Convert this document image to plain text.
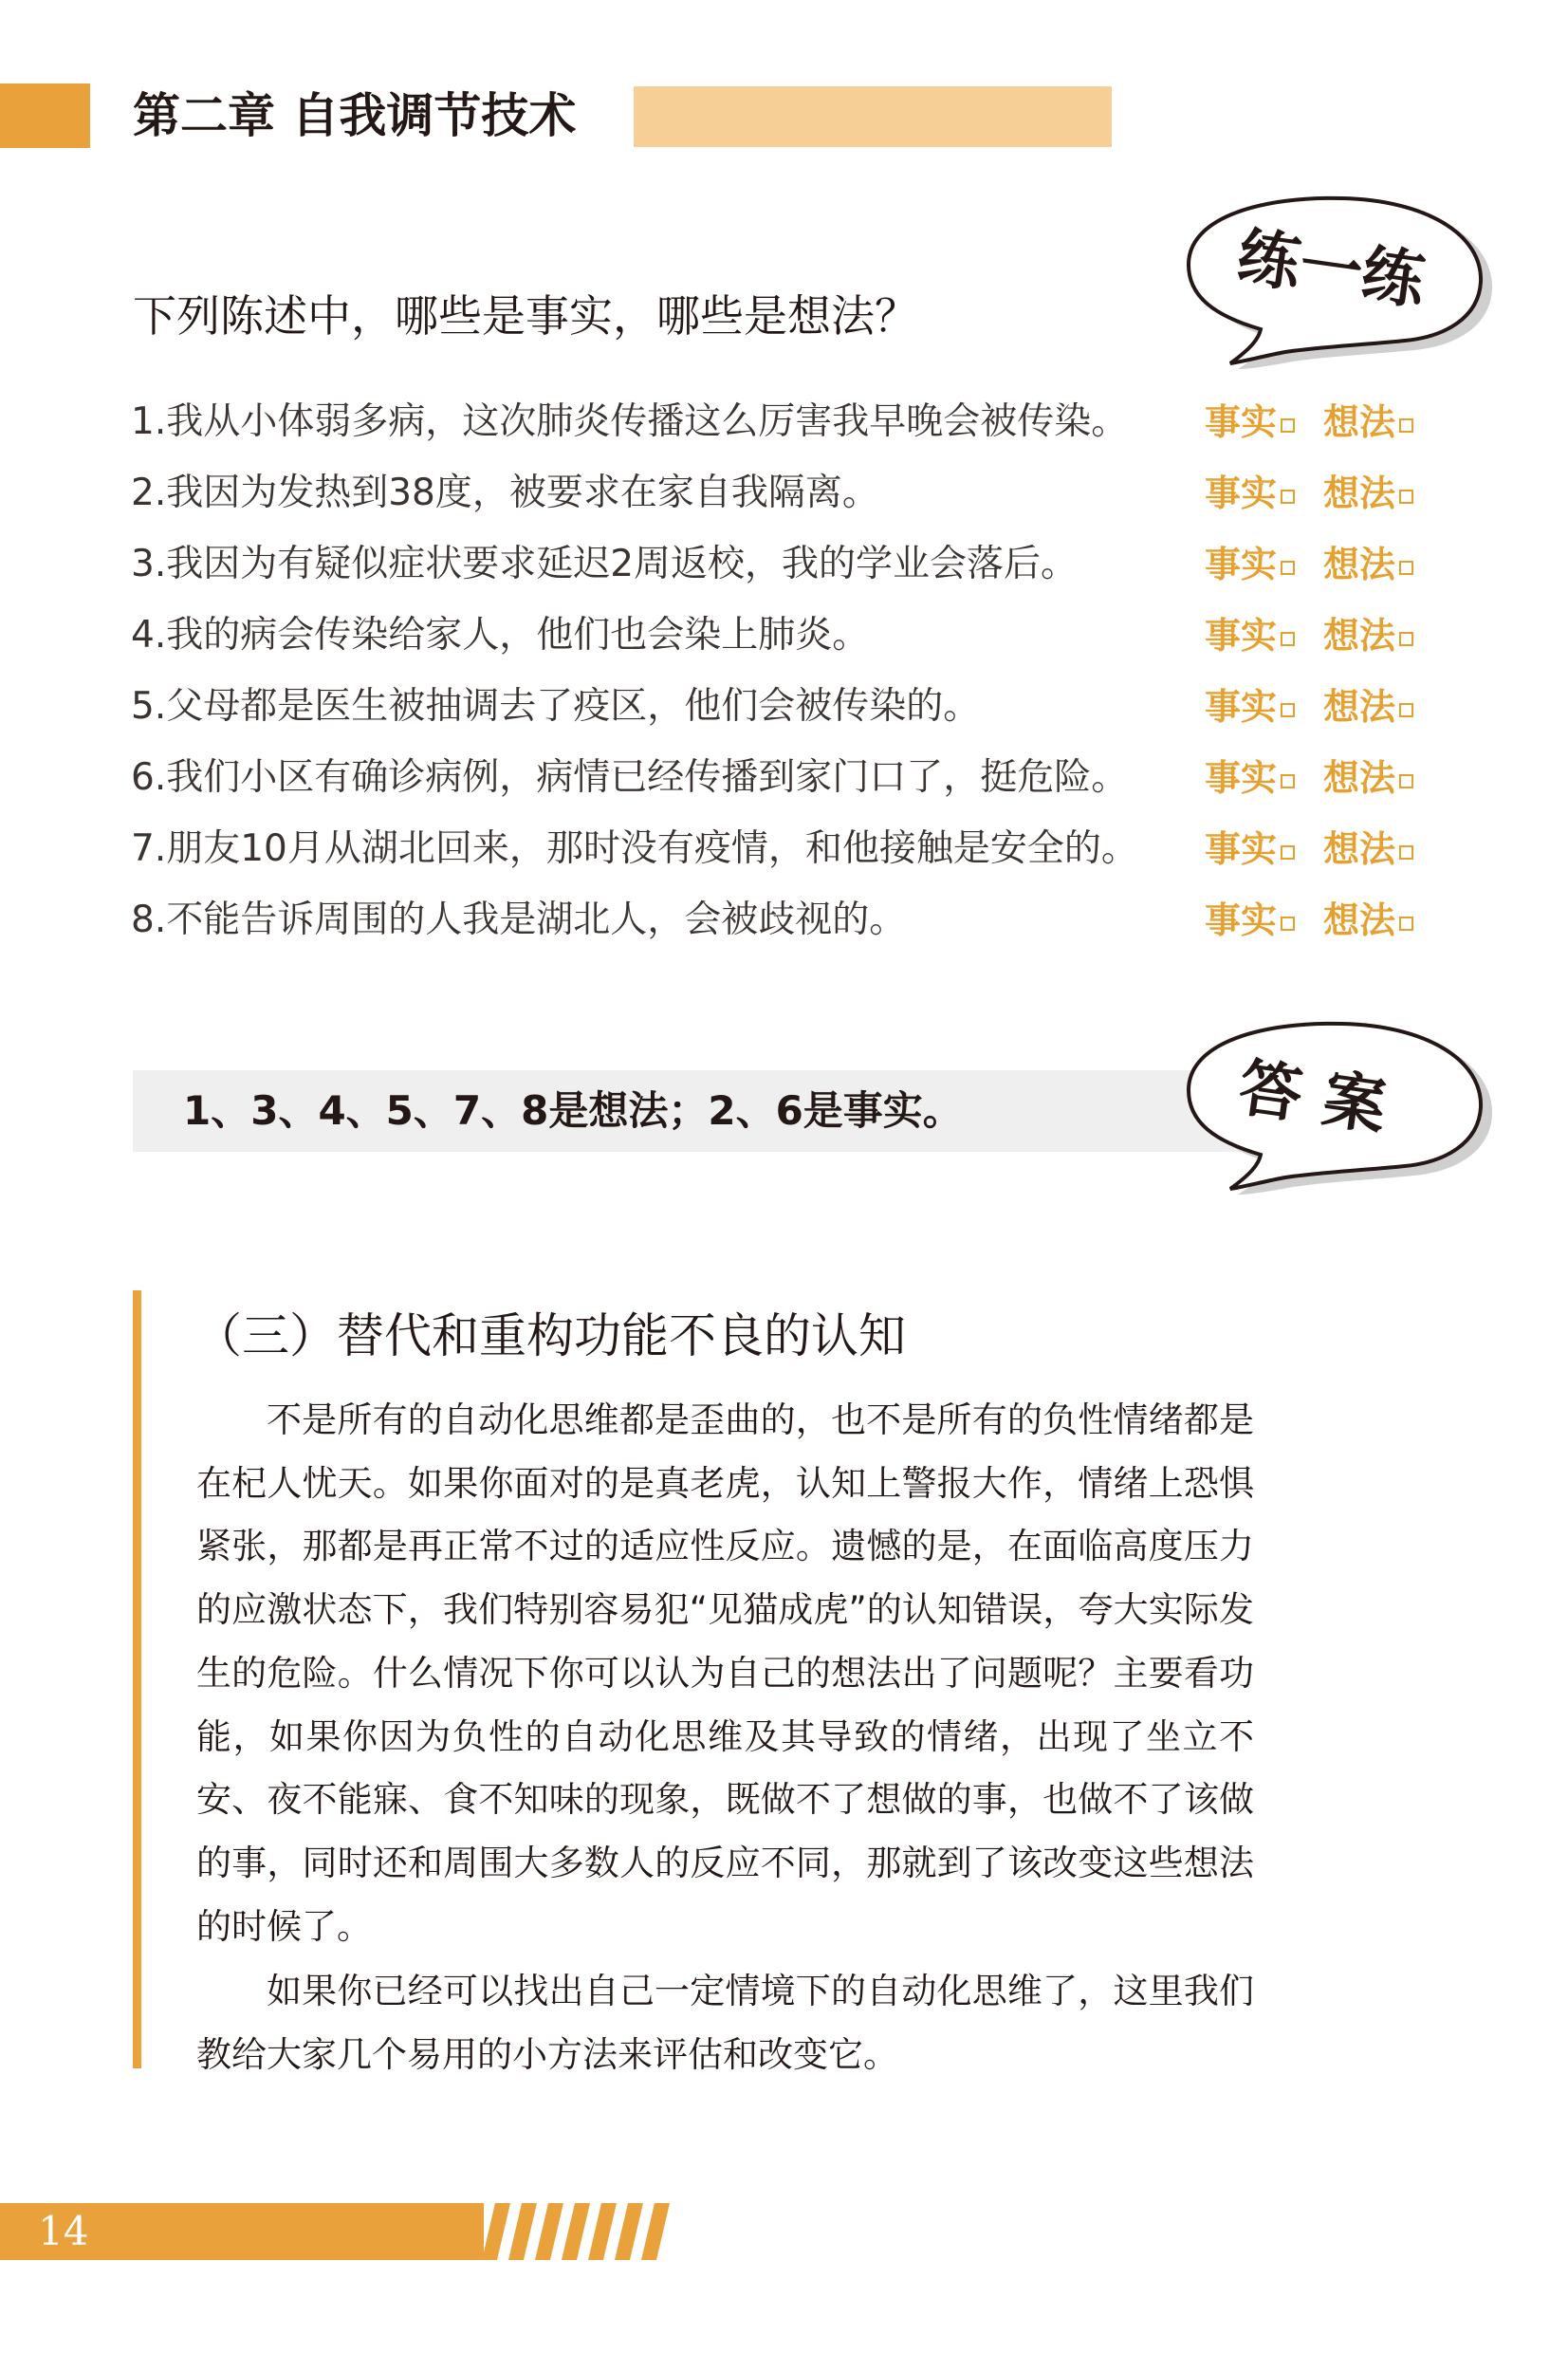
第二章 自我调节技术
练一练
下列陈述中，哪些是事实，哪些是想法？
1.我从小体弱多病，这次肺炎传播这么厉害我早晚会被传染。 事实 想法
2.我因为发热到38度，被要求在家自我隔离。	事实 想法
3.我因为有疑似症状要求延迟2周返校，我的学业会落后。	事实 想法
4.我的病会传染给家人，他们也会染上肺炎。	事实 想法
5.父母都是医生被抽调去了疫区，他们会被传染的。	事实 想法
6.我们小区有确诊病例，病情已经传播到家门口了，挺危险。 事实 想法
7.朋友10月从湖北回来，那时没有疫情，和他接触是安全的。 事实 想法
8.不能告诉周围的人我是湖北人，会被歧视的。	事实 想法
1、3、4、5、7、8是想法；2、6是事实。	答 案
（三）替代和重构功能不良的认知

不是所有的自动化思维都是歪曲的，也不是所有的负性情绪都是在杞人忧天。如果你面对的是真老虎，认知上警报大作，情绪上恐惧紧张，那都是再正常不过的适应性反应。遗憾的是，在面临高度压力的应激状态下，我们特别容易犯“见猫成虎”的认知错误，夸大实际发生的危险。什么情况下你可以认为自己的想法出了问题呢？主要看功能，如果你因为负性的自动化思维及其导致的情绪，出现了坐立不安、夜不能寐、食不知味的现象，既做不了想做的事，也做不了该做的事，同时还和周围大多数人的反应不同，那就到了该改变这些想法的时候了。

如果你已经可以找出自己一定情境下的自动化思维了，这里我们教给大家几个易用的小方法来评估和改变它。

14
